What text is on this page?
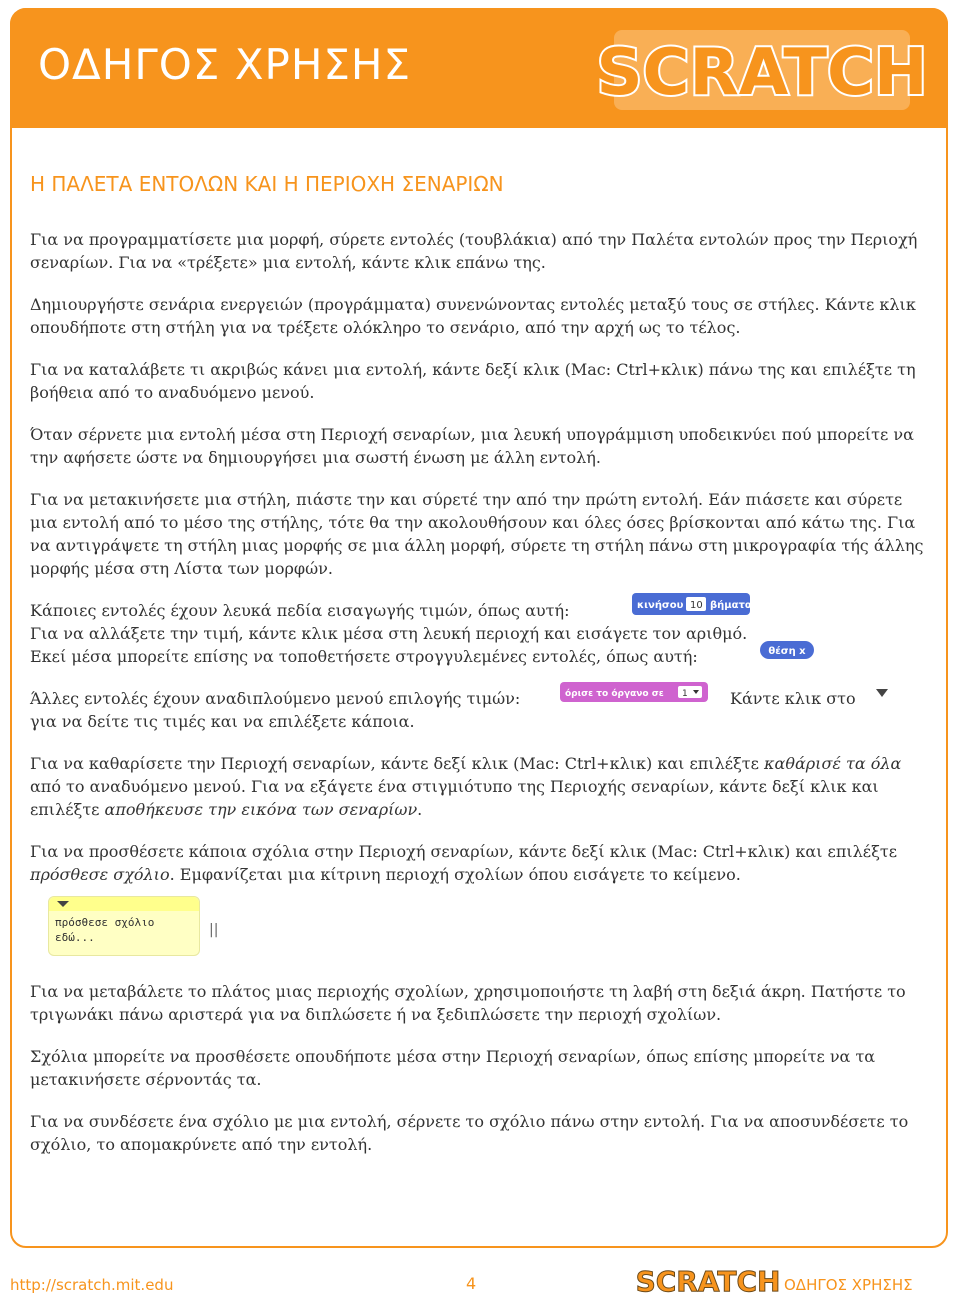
ΟΔΗΓΟΣ ΧΡΗΣΗΣ	SCRATCH
Η ΠΑΛΕΤΑ ΕΝΤΟΛΩΝ ΚΑΙ Η ΠΕΡΙΟΧΗ ΣΕΝΑΡΙΩΝ

Για να προγραμματίσετε μια μορφή, σύρετε εντολές (τουβλάκια) από την Παλέτα εντολών προς την Περιοχή σεναρίων. Για να «τρέξετε» μια εντολή, κάντε κλικ επάνω της.

Δημιουργήστε σενάρια ενεργειών (προγράμματα) συνενώνοντας εντολές μεταξύ τους σε στήλες. Κάντε κλικ οπουδήποτε στη στήλη για να τρέξετε ολόκληρο το σενάριο, από την αρχή ως το τέλος.

Για να καταλάβετε τι ακριβώς κάνει μια εντολή, κάντε δεξί κλικ (Mac: Ctrl+κλικ) πάνω της και επιλέξτε τη βοήθεια από το αναδυόμενο μενού.

Όταν σέρνετε μια εντολή μέσα στη Περιοχή σεναρίων, μια λευκή υπογράμμιση υποδεικνύει πού μπορείτε να την αφήσετε ώστε να δημιουργήσει μια σωστή ένωση με άλλη εντολή.

Για να μετακινήσετε μια στήλη, πιάστε την και σύρετέ την από την πρώτη εντολή. Εάν πιάσετε και σύρετε μια εντολή από το μέσο της στήλης, τότε θα την ακολουθήσουν και όλες όσες βρίσκονται από κάτω της. Για να αντιγράψετε τη στήλη μιας μορφής σε μια άλλη μορφή, σύρετε τη στήλη πάνω στη μικρογραφία τής άλλης μορφής μέσα στη Λίστα των μορφών.

Κάποιες εντολές έχουν λευκά πεδία εισαγωγής τιμών, όπως αυτή:	κινήσου 10 βήματα

Για να αλλάξετε την τιμή, κάντε κλικ μέσα στη λευκή περιοχή και εισάγετε τον αριθμό.

Εκεί μέσα μπορείτε επίσης να τοποθετήσετε στρογγυλεμένες εντολές, όπως αυτή:	θέση x
Άλλες εντολές έχουν αναδιπλούμενο μενού επιλογής τιμών:	όρισε το όργανο σε 1	Κάντε κλικ στο

για να δείτε τις τιμές και να επιλέξετε κάποια.

Για να καθαρίσετε την Περιοχή σεναρίων, κάντε δεξί κλικ (Mac: Ctrl+κλικ) και επιλέξτε καθάρισέ τα όλα από το αναδυόμενο μενού. Για να εξάγετε ένα στιγμιότυπο της Περιοχής σεναρίων, κάντε δεξί κλικ και επιλέξτε αποθήκευσε την εικόνα των σεναρίων.

Για να προσθέσετε κάποια σχόλια στην Περιοχή σεναρίων, κάντε δεξί κλικ (Mac: Ctrl+κλικ) και επιλέξτε πρόσθεσε σχόλιο. Εμφανίζεται μια κίτρινη περιοχή σχολίων όπου εισάγετε το κείμενο.

πρόσθεσε σχόλιο εδώ...	||

Για να μεταβάλετε το πλάτος μιας περιοχής σχολίων, χρησιμοποιήστε τη λαβή στη δεξιά άκρη. Πατήστε το τριγωνάκι πάνω αριστερά για να διπλώσετε ή να ξεδιπλώσετε την περιοχή σχολίων.

Σχόλια μπορείτε να προσθέσετε οπουδήποτε μέσα στην Περιοχή σεναρίων, όπως επίσης μπορείτε να τα μετακινήσετε σέρνοντάς τα.

Για να συνδέσετε ένα σχόλιο με μια εντολή, σέρνετε το σχόλιο πάνω στην εντολή. Για να αποσυνδέσετε το σχόλιο, το απομακρύνετε από την εντολή.

http://scratch.mit.edu	4	SCRATCH ΟΔΗΓΟΣ ΧΡΗΣΗΣ
